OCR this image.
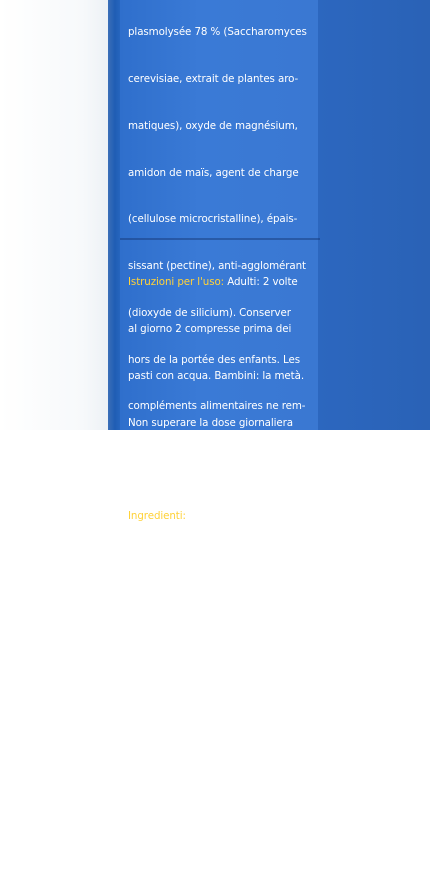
plasmolysée 78 % (Saccharomyces

cerevisiae, extrait de plantes aro-

matiques), oxyde de magnésium,

amidon de maïs, agent de charge

(cellulose microcristalline), épais-

sissant (pectine), anti-agglomérant

(dioxyde de silicium). Conserver

hors de la portée des enfants. Les

compléments alimentaires ne rem-

placent pas une alimentation variée

et équilibrée et un mode de vie sain.

A conserver à température inférieure

à 25 °C et dans l'emballage original.

A consommer de préférence avant la

fin de: voir au fond.

Istruzioni per l'uso: Adulti: 2 volte

al giorno 2 compresse prima dei

pasti con acqua. Bambini: la metà.

Non superare la dose giornaliera

raccomandata.

Ingredienti: Lievito vegetale

plasmolisato 78 % (Saccharomyces

cerevisiae, estratto di piante aroma-

tiche), ossido di magnesio, amido

di mais, agente di carica (cellulo-

sa microcristallina), addensante

(pectina), antiagglomerante

(diossido di silicio). Tenere fuori
